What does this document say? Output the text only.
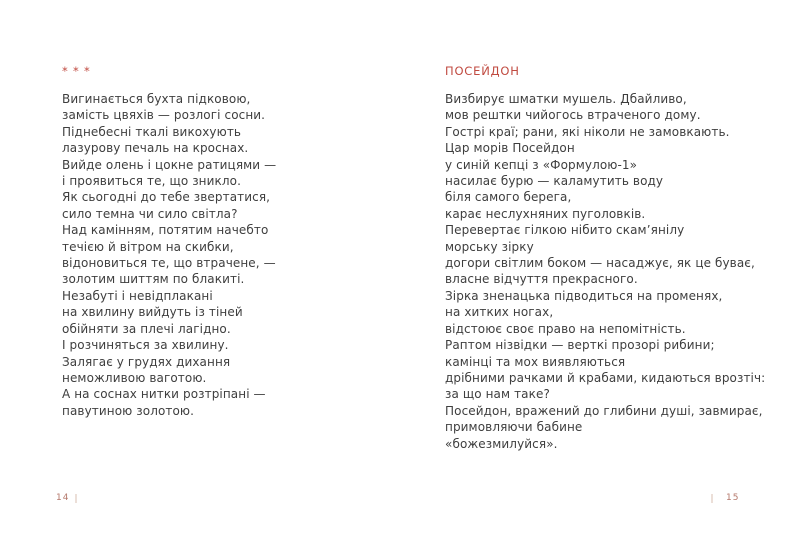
* * *
Вигинається бухта підковою,
замість цвяхів — розлогі сосни.
Піднебесні ткалі викохують
лазурову печаль на кроснах.
Вийде олень і цокне ратицями —
і проявиться те, що зникло.
Як сьогодні до тебе звертатися,
сило темна чи сило світла?
Над камінням, потятим начебто
течією й вітром на скибки,
відоновиться те, що втрачене, —
золотим шиттям по блакиті.
Незабуті і невідплакані
на хвилину вийдуть із тіней
обійняти за плечі лагідно.
І розчиняться за хвилину.
Залягає у грудях дихання
неможливою ваготою.
А на соснах нитки розтріпані —
павутиною золотою.
ПОСЕЙДОН
Визбирує шматки мушель. Дбайливо,
мов рештки чийогось втраченого дому.
Гострі краї; рани, які ніколи не замовкають.
Цар морів Посейдон
у синій кепці з «Формулою-1»
насилає бурю — каламутить воду
біля самого берега,
карає неслухняних пуголовків.
Перевертає гілкою нібито скам’янілу
морську зірку
догори світлим боком — насаджує, як це буває,
власне відчуття прекрасного.
Зірка зненацька підводиться на променях,
на хитких ногах,
відстоює своє право на непомітність.
Раптом нізвідки — верткі прозорі рибини;
камінці та мох виявляються
дрібними рачками й крабами, кидаються врозтіч:
за що нам таке?
Посейдон, вражений до глибини душі, завмирає,
примовляючи бабине
«божезмилуйся».
14	15
